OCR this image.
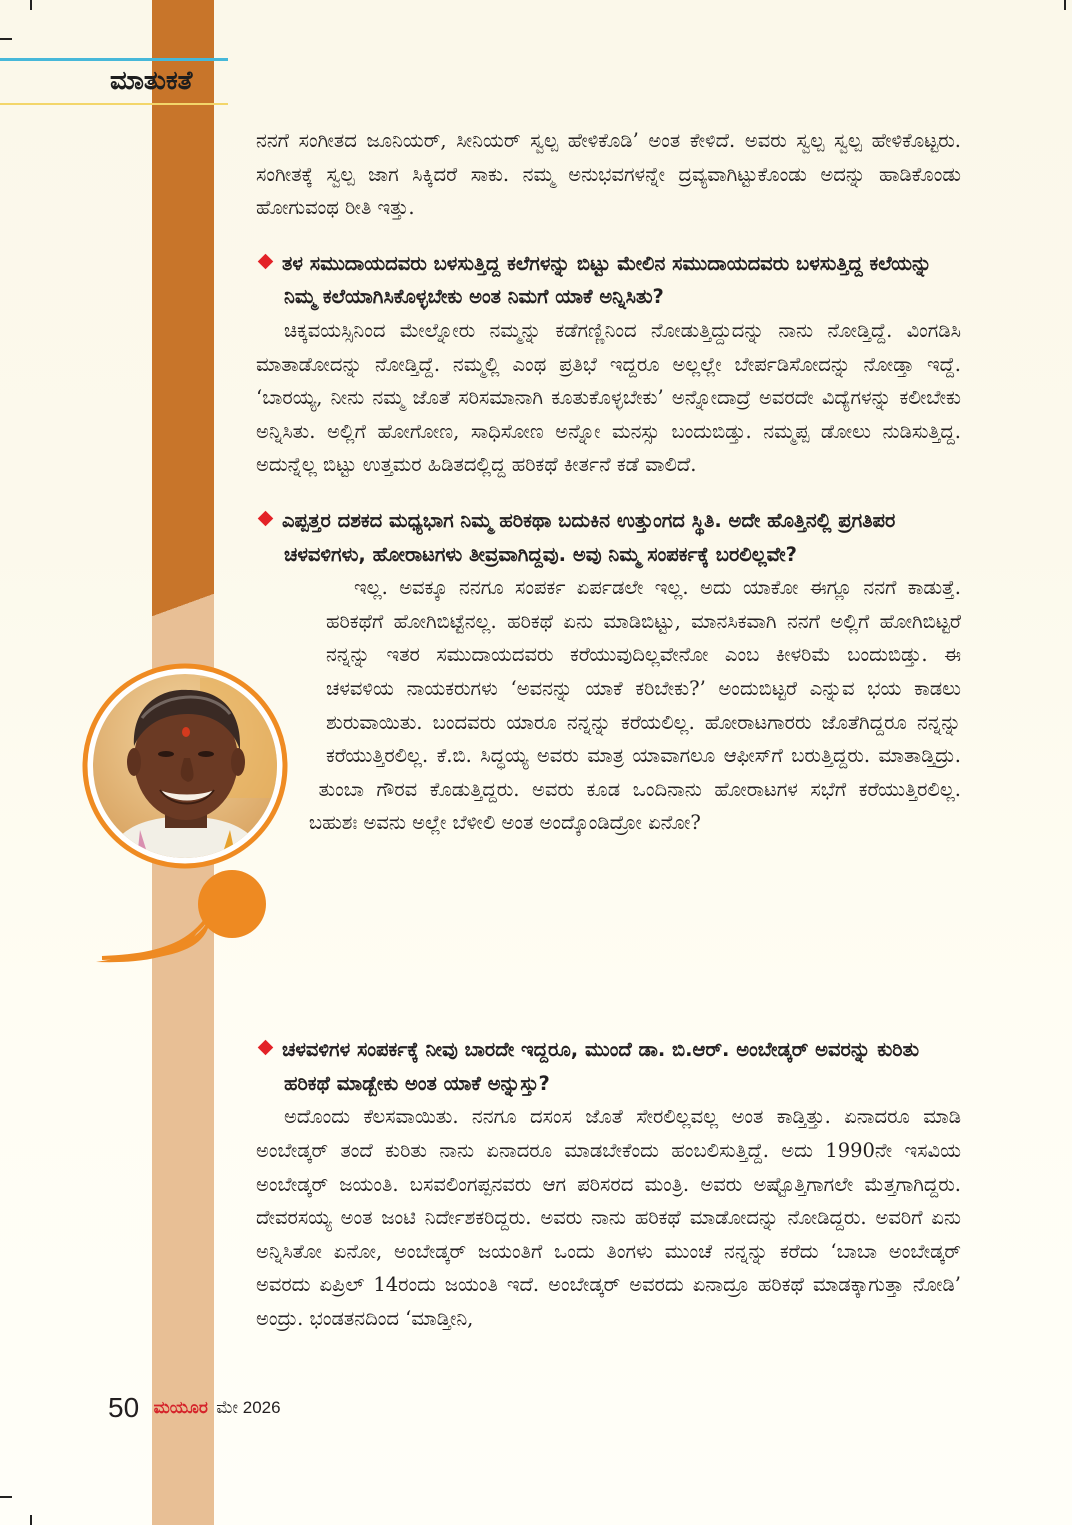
ಮಾತುಕತೆ

ನನಗೆ ಸಂಗೀತದ ಜೂನಿಯರ್, ಸೀನಿಯರ್ ಸ್ವಲ್ಪ ಹೇಳಿಕೊಡಿ’ ಅಂತ ಕೇಳಿದೆ. ಅವರು ಸ್ವಲ್ಪ ಸ್ವಲ್ಪ ಹೇಳಿಕೊಟ್ಟರು. ಸಂಗೀತಕ್ಕೆ ಸ್ವಲ್ಪ ಜಾಗ ಸಿಕ್ಕಿದರೆ ಸಾಕು. ನಮ್ಮ ಅನುಭವಗಳನ್ನೇ ದ್ರವ್ಯವಾಗಿಟ್ಟುಕೊಂಡು ಅದನ್ನು ಹಾಡಿಕೊಂಡು ಹೋಗುವಂಥ ರೀತಿ ಇತ್ತು.

ತಳ ಸಮುದಾಯದವರು ಬಳಸುತ್ತಿದ್ದ ಕಲೆಗಳನ್ನು ಬಿಟ್ಟು ಮೇಲಿನ ಸಮುದಾಯದವರು ಬಳಸುತ್ತಿದ್ದ ಕಲೆಯನ್ನು ನಿಮ್ಮ ಕಲೆಯಾಗಿಸಿಕೊಳ್ಳಬೇಕು ಅಂತ ನಿಮಗೆ ಯಾಕೆ ಅನ್ನಿಸಿತು?

ಚಿಕ್ಕವಯಸ್ಸಿನಿಂದ ಮೇಲ್ನೋರು ನಮ್ಮನ್ನು ಕಡೆಗಣ್ಣಿನಿಂದ ನೋಡುತ್ತಿದ್ದುದನ್ನು ನಾನು ನೋಡ್ತಿದ್ದೆ. ವಿಂಗಡಿಸಿ ಮಾತಾಡೋದನ್ನು ನೋಡ್ತಿದ್ದೆ. ನಮ್ಮಲ್ಲಿ ಎಂಥ ಪ್ರತಿಭೆ ಇದ್ದರೂ ಅಲ್ಲಲ್ಲೇ ಬೇರ್ಪಡಿಸೋದನ್ನು ನೋಡ್ತಾ ಇದ್ದೆ. ‘ಬಾರಯ್ಯ, ನೀನು ನಮ್ಮ ಜೊತೆ ಸರಿಸಮಾನಾಗಿ ಕೂತುಕೊಳ್ಳಬೇಕು’ ಅನ್ನೋದಾದ್ರೆ ಅವರದೇ ವಿದ್ಯೆಗಳನ್ನು ಕಲೀಬೇಕು ಅನ್ನಿಸಿತು. ಅಲ್ಲಿಗೆ ಹೋಗೋಣ, ಸಾಧಿಸೋಣ ಅನ್ನೋ ಮನಸ್ಸು ಬಂದುಬಿಡ್ತು. ನಮ್ಮಪ್ಪ ಡೋಲು ನುಡಿಸುತ್ತಿದ್ದ. ಅದುನ್ನೆಲ್ಲ ಬಿಟ್ಟು ಉತ್ತಮರ ಹಿಡಿತದಲ್ಲಿದ್ದ ಹರಿಕಥೆ ಕೀರ್ತನೆ ಕಡೆ ವಾಲಿದೆ.

ಎಪ್ಪತ್ತರ ದಶಕದ ಮಧ್ಯಭಾಗ ನಿಮ್ಮ ಹರಿಕಥಾ ಬದುಕಿನ ಉತ್ತುಂಗದ ಸ್ಥಿತಿ. ಅದೇ ಹೊತ್ತಿನಲ್ಲಿ ಪ್ರಗತಿಪರ ಚಳವಳಿಗಳು, ಹೋರಾಟಗಳು ತೀವ್ರವಾಗಿದ್ದವು. ಅವು ನಿಮ್ಮ ಸಂಪರ್ಕಕ್ಕೆ ಬರಲಿಲ್ಲವೇ?

ಇಲ್ಲ. ಅವಕ್ಕೂ ನನಗೂ ಸಂಪರ್ಕ ಏರ್ಪಡಲೇ ಇಲ್ಲ. ಅದು ಯಾಕೋ ಈಗ್ಲೂ ನನಗೆ ಕಾಡುತ್ತೆ. ಹರಿಕಥೆಗೆ ಹೋಗಿಬಿಟ್ಟೆನಲ್ಲ. ಹರಿಕಥೆ ಏನು ಮಾಡಿಬಿಟ್ಟು, ಮಾನಸಿಕವಾಗಿ ನನಗೆ ಅಲ್ಲಿಗೆ ಹೋಗಿಬಿಟ್ಟರೆ ನನ್ನನ್ನು ಇತರ ಸಮುದಾಯದವರು ಕರೆಯುವುದಿಲ್ಲವೇನೋ ಎಂಬ ಕೀಳರಿಮೆ ಬಂದುಬಿಡ್ತು. ಈ ಚಳವಳಿಯ ನಾಯಕರುಗಳು ‘ಅವನನ್ನು ಯಾಕೆ ಕರಿಬೇಕು?’ ಅಂದುಬಿಟ್ಟರೆ ಎನ್ನುವ ಭಯ ಕಾಡಲು ಶುರುವಾಯಿತು. ಬಂದವರು ಯಾರೂ ನನ್ನನ್ನು ಕರೆಯಲಿಲ್ಲ. ಹೋರಾಟಗಾರರು ಜೊತೆಗಿದ್ದರೂ ನನ್ನನ್ನು ಕರೆಯುತ್ತಿರಲಿಲ್ಲ. ಕೆ.ಬಿ. ಸಿದ್ಧಯ್ಯ ಅವರು ಮಾತ್ರ ಯಾವಾಗಲೂ ಆಫೀಸ್‌ಗೆ ಬರುತ್ತಿದ್ದರು. ಮಾತಾಡ್ತಿದ್ರು. ತುಂಬಾ ಗೌರವ ಕೊಡುತ್ತಿದ್ದರು. ಅವರು ಕೂಡ ಒಂದಿನಾನು ಹೋರಾಟಗಳ ಸಭೆಗೆ ಕರೆಯುತ್ತಿರಲಿಲ್ಲ. ಬಹುಶಃ ಅವನು ಅಲ್ಲೇ ಬೆಳೀಲಿ ಅಂತ ಅಂದ್ಕೊಂಡಿದ್ರೋ ಏನೋ?

ಚಳವಳಿಗಳ ಸಂಪರ್ಕಕ್ಕೆ ನೀವು ಬಾರದೇ ಇದ್ದರೂ, ಮುಂದೆ ಡಾ. ಬಿ.ಆರ್. ಅಂಬೇಡ್ಕರ್ ಅವರನ್ನು ಕುರಿತು ಹರಿಕಥೆ ಮಾಡ್ಬೇಕು ಅಂತ ಯಾಕೆ ಅನ್ನುಸ್ತು?

ಅದೊಂದು ಕೆಲಸವಾಯಿತು. ನನಗೂ ದಸಂಸ ಜೊತೆ ಸೇರಲಿಲ್ಲವಲ್ಲ ಅಂತ ಕಾಡ್ತಿತ್ತು. ಏನಾದರೂ ಮಾಡಿ ಅಂಬೇಡ್ಕರ್ ತಂದೆ ಕುರಿತು ನಾನು ಏನಾದರೂ ಮಾಡಬೇಕೆಂದು ಹಂಬಲಿಸುತ್ತಿದ್ದೆ. ಅದು 1990ನೇ ಇಸವಿಯ ಅಂಬೇಡ್ಕರ್ ಜಯಂತಿ. ಬಸವಲಿಂಗಪ್ಪನವರು ಆಗ ಪರಿಸರದ ಮಂತ್ರಿ. ಅವರು ಅಷ್ಟೊತ್ತಿಗಾಗಲೇ ಮೆತ್ತಗಾಗಿದ್ದರು. ದೇವರಸಯ್ಯ ಅಂತ ಜಂಟಿ ನಿರ್ದೇಶಕರಿದ್ದರು. ಅವರು ನಾನು ಹರಿಕಥೆ ಮಾಡೋದನ್ನು ನೋಡಿದ್ದರು. ಅವರಿಗೆ ಏನು ಅನ್ನಿಸಿತೋ ಏನೋ, ಅಂಬೇಡ್ಕರ್ ಜಯಂತಿಗೆ ಒಂದು ತಿಂಗಳು ಮುಂಚೆ ನನ್ನನ್ನು ಕರೆದು ‘ಬಾಬಾ ಅಂಬೇಡ್ಕರ್ ಅವರದು ಏಪ್ರಿಲ್ 14ರಂದು ಜಯಂತಿ ಇದೆ. ಅಂಬೇಡ್ಕರ್ ಅವರದು ಏನಾದ್ರೂ ಹರಿಕಥೆ ಮಾಡಕ್ಕಾಗುತ್ತಾ ನೋಡಿ’ ಅಂದ್ರು. ಭಂಡತನದಿಂದ ‘ಮಾಡ್ತೀನಿ,

50 ಮಯೂರ ಮೇ 2026
